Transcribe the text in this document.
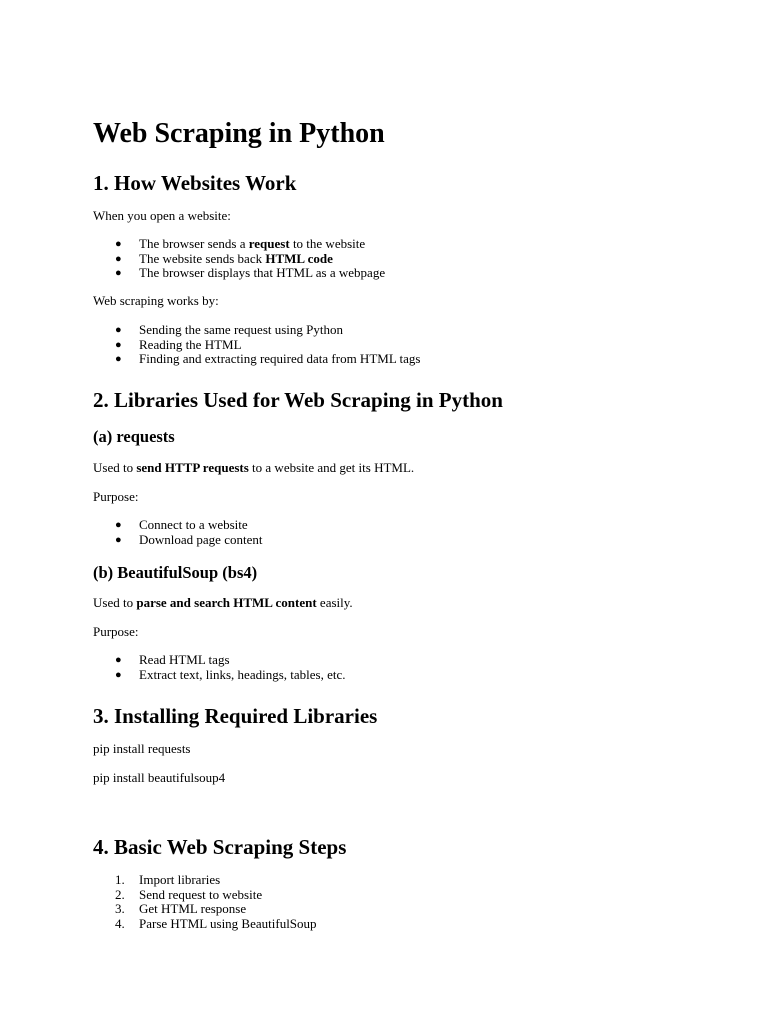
Web Scraping in Python
1. How Websites Work

When you open a website:

● The browser sends a request to the website
● The website sends back HTML code
● The browser displays that HTML as a webpage

Web scraping works by:

● Sending the same request using Python
● Reading the HTML
● Finding and extracting required data from HTML tags
2. Libraries Used for Web Scraping in Python
(a) requests

Used to send HTTP requests to a website and get its HTML.

Purpose:

● Connect to a website
● Download page content
(b) BeautifulSoup (bs4)

Used to parse and search HTML content easily.

Purpose:

● Read HTML tags
● Extract text, links, headings, tables, etc.
3. Installing Required Libraries

pip install requests

pip install beautifulsoup4

4. Basic Web Scraping Steps
1. Import libraries
2. Send request to website
3. Get HTML response
4. Parse HTML using BeautifulSoup
